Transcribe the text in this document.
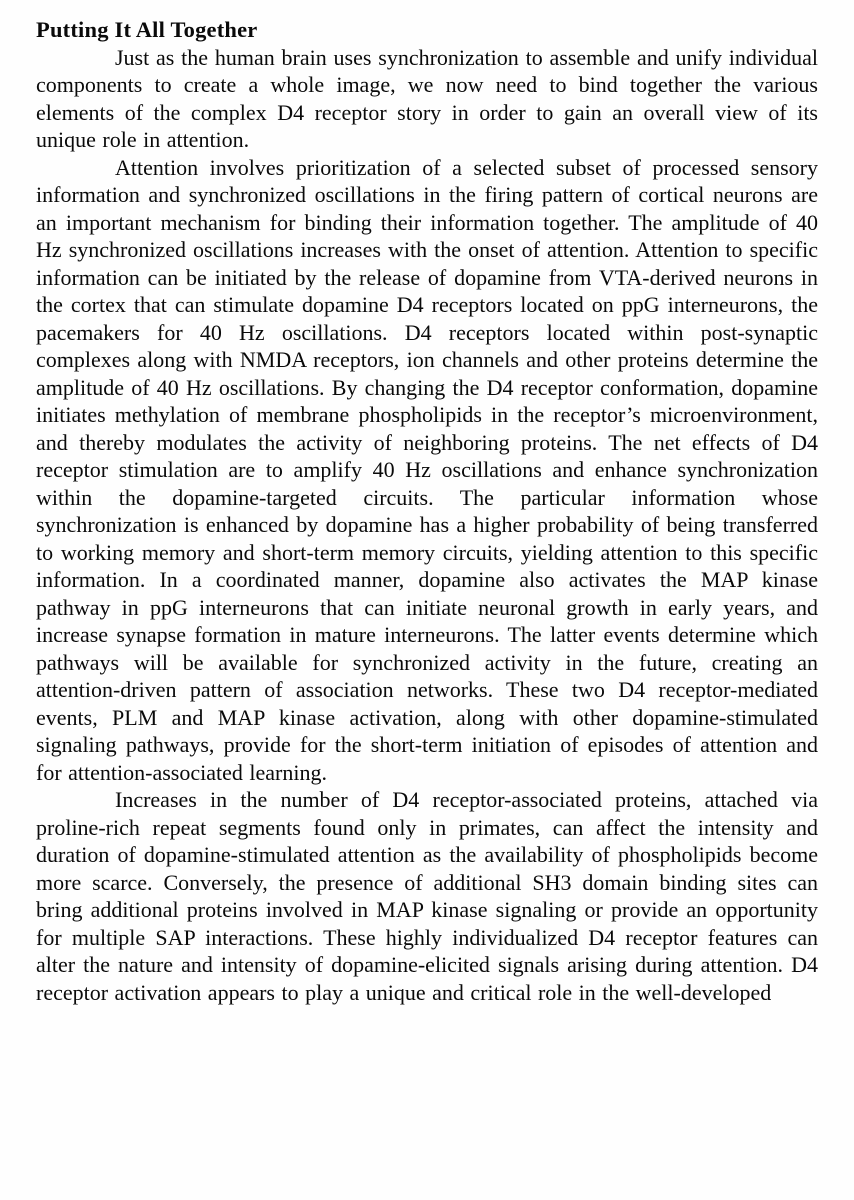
Putting It All Together

Just as the human brain uses synchronization to assemble and unify individual components to create a whole image, we now need to bind together the various elements of the complex D4 receptor story in order to gain an overall view of its unique role in attention.

Attention involves prioritization of a selected subset of processed sensory information and synchronized oscillations in the firing pattern of cortical neurons are an important mechanism for binding their information together. The amplitude of 40 Hz synchronized oscillations increases with the onset of attention. Attention to specific information can be initiated by the release of dopamine from VTA-derived neurons in the cortex that can stimulate dopamine D4 receptors located on ppG interneurons, the pacemakers for 40 Hz oscillations. D4 receptors located within post-synaptic complexes along with NMDA receptors, ion channels and other proteins determine the amplitude of 40 Hz oscillations. By changing the D4 receptor conformation, dopamine initiates methylation of membrane phospholipids in the receptor’s microenvironment, and thereby modulates the activity of neighboring proteins. The net effects of D4 receptor stimulation are to amplify 40 Hz oscillations and enhance synchronization within the dopamine-targeted circuits. The particular information whose synchronization is enhanced by dopamine has a higher probability of being transferred to working memory and short-term memory circuits, yielding attention to this specific information. In a coordinated manner, dopamine also activates the MAP kinase pathway in ppG interneurons that can initiate neuronal growth in early years, and increase synapse formation in mature interneurons. The latter events determine which pathways will be available for synchronized activity in the future, creating an attention-driven pattern of association networks. These two D4 receptor-mediated events, PLM and MAP kinase activation, along with other dopamine-stimulated signaling pathways, provide for the short-term initiation of episodes of attention and for attention-associated learning.

Increases in the number of D4 receptor-associated proteins, attached via proline-rich repeat segments found only in primates, can affect the intensity and duration of dopamine-stimulated attention as the availability of phospholipids become more scarce. Conversely, the presence of additional SH3 domain binding sites can bring additional proteins involved in MAP kinase signaling or provide an opportunity for multiple SAP interactions. These highly individualized D4 receptor features can alter the nature and intensity of dopamine-elicited signals arising during attention. D4 receptor activation appears to play a unique and critical role in the well-developed
